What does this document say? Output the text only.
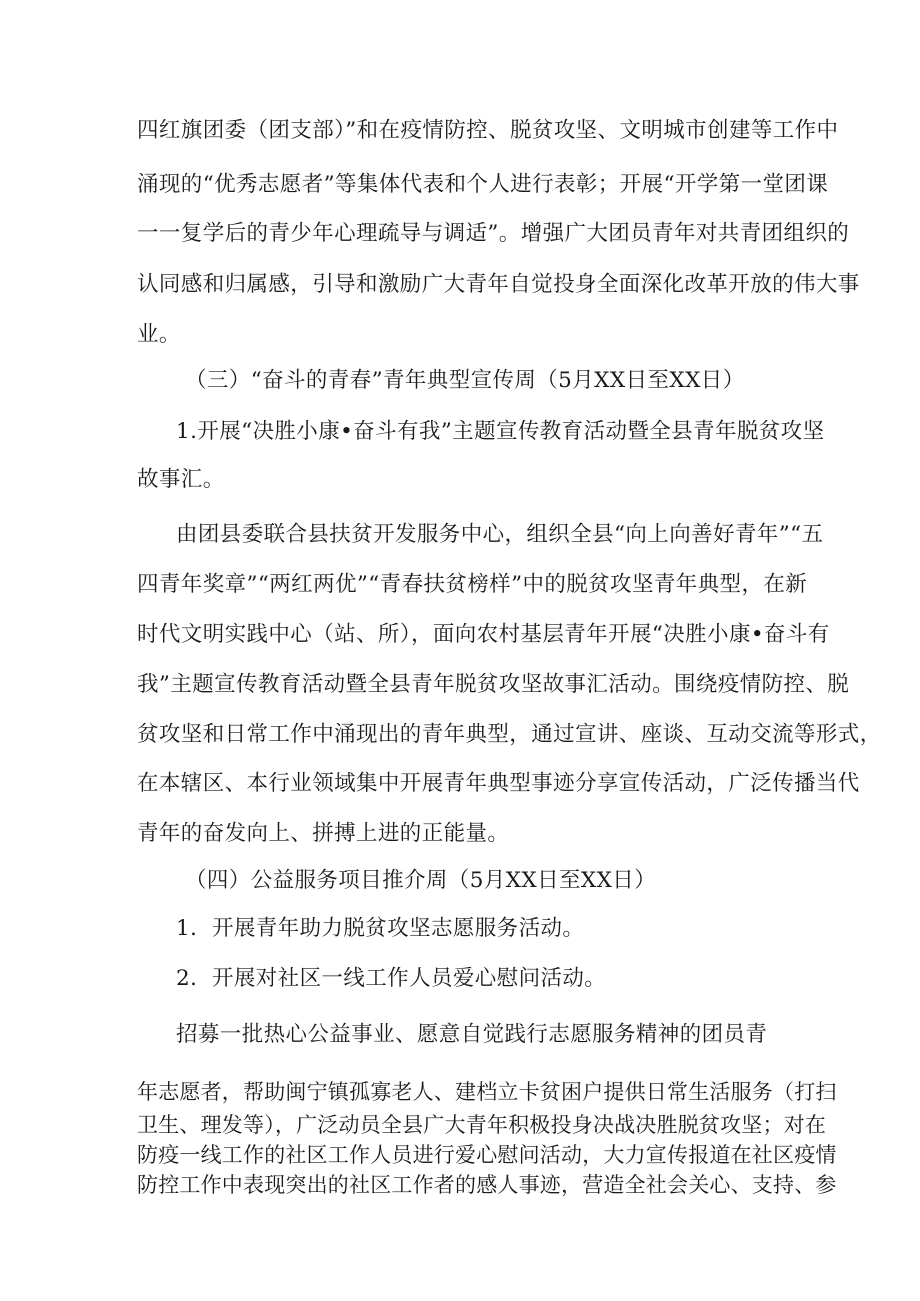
四红旗团委（团支部）”和在疫情防控、脱贫攻坚、文明城市创建等工作中
涌现的“优秀志愿者”等集体代表和个人进行表彰；开展“开学第一堂团课
一一复学后的青少年心理疏导与调适”。增强广大团员青年对共青团组织的
认同感和归属感，引导和激励广大青年自觉投身全面深化改革开放的伟大事
业。
（三）“奋斗的青春”青年典型宣传周（5月XX日至XX日）
1.开展“决胜小康•奋斗有我”主题宣传教育活动暨全县青年脱贫攻坚
故事汇。
由团县委联合县扶贫开发服务中心，组织全县“向上向善好青年”“五
四青年奖章”“两红两优”“青春扶贫榜样”中的脱贫攻坚青年典型，在新
时代文明实践中心（站、所），面向农村基层青年开展“决胜小康•奋斗有
我”主题宣传教育活动暨全县青年脱贫攻坚故事汇活动。围绕疫情防控、脱
贫攻坚和日常工作中涌现出的青年典型，通过宣讲、座谈、互动交流等形式，
在本辖区、本行业领域集中开展青年典型事迹分享宣传活动，广泛传播当代
青年的奋发向上、拼搏上进的正能量。
（四）公益服务项目推介周（5月XX日至XX日）
1．开展青年助力脱贫攻坚志愿服务活动。
2．开展对社区一线工作人员爱心慰问活动。
招募一批热心公益事业、愿意自觉践行志愿服务精神的团员青
年志愿者，帮助闽宁镇孤寡老人、建档立卡贫困户提供日常生活服务（打扫
卫生、理发等），广泛动员全县广大青年积极投身决战决胜脱贫攻坚；对在
防疫一线工作的社区工作人员进行爱心慰问活动，大力宣传报道在社区疫情
防控工作中表现突出的社区工作者的感人事迹，营造全社会关心、支持、参
